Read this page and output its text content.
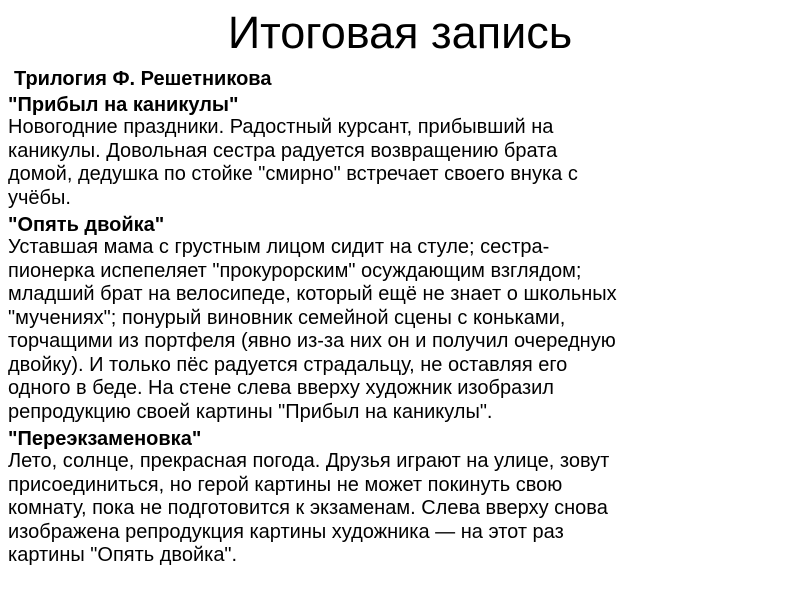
Итоговая запись

Трилогия Ф. Решетникова

"Прибыл на каникулы"
Новогодние праздники. Радостный курсант, прибывший на
каникулы. Довольная сестра радуется возвращению брата
домой, дедушка по стойке "смирно" встречает своего внука с
учёбы.
"Опять двойка"
Уставшая мама с грустным лицом сидит на стуле; сестра-
пионерка испепеляет "прокурорским" осуждающим взглядом;
младший брат на велосипеде, который ещё не знает о школьных
"мучениях"; понурый виновник семейной сцены с коньками,
торчащими из портфеля (явно из-за них он и получил очередную
двойку). И только пёс радуется страдальцу, не оставляя его
одного в беде. На стене слева вверху художник изобразил
репродукцию своей картины "Прибыл на каникулы".
"Переэкзаменовка"
Лето, солнце, прекрасная погода. Друзья играют на улице, зовут
присоединиться, но герой картины не может покинуть свою
комнату, пока не подготовится к экзаменам. Слева вверху снова
изображена репродукция картины художника — на этот раз
картины "Опять двойка".
